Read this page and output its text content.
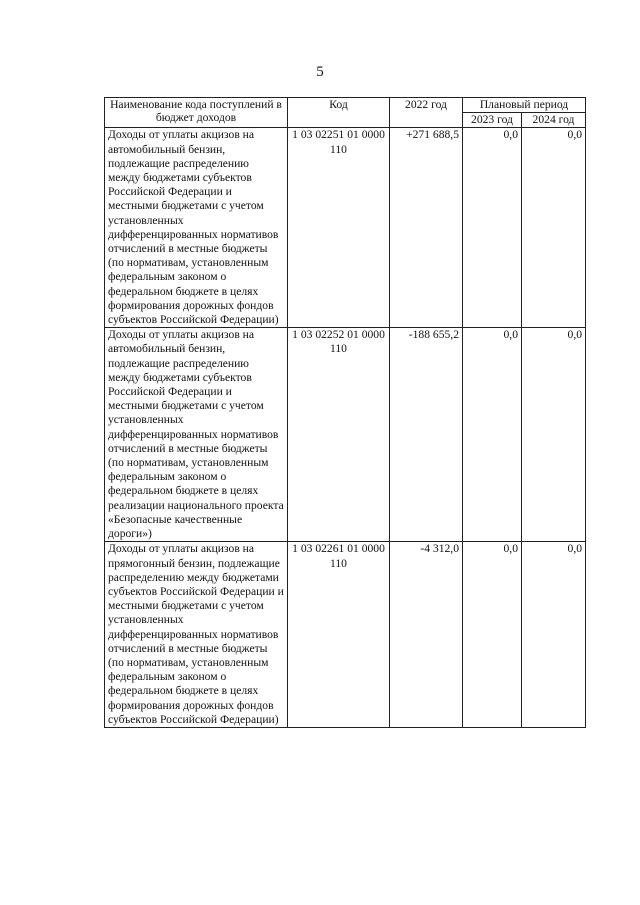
5
Наименование кода поступлений в бюджет доходов	Код	2022 год	Плановый период	
			2023 год	2024 год
Доходы от уплаты акцизов на автомобильный бензин, подлежащие распределению между бюджетами субъектов Российской Федерации и местными бюджетами с учетом установленных дифференцированных нормативов отчислений в местные бюджеты (по нормативам, установленным федеральным законом о федеральном бюджете в целях формирования дорожных фондов субъектов Российской Федерации)	1 03 02251 01 0000 110	+271 688,5	0,0	0,0
Доходы от уплаты акцизов на автомобильный бензин, подлежащие распределению между бюджетами субъектов Российской Федерации и местными бюджетами с учетом установленных дифференцированных нормативов отчислений в местные бюджеты (по нормативам, установленным федеральным законом о федеральном бюджете в целях реализации национального проекта «Безопасные качественные дороги»)	1 03 02252 01 0000 110	-188 655,2	0,0	0,0
Доходы от уплаты акцизов на прямогонный бензин, подлежащие распределению между бюджетами субъектов Российской Федерации и местными бюджетами с учетом установленных дифференцированных нормативов отчислений в местные бюджеты (по нормативам, установленным федеральным законом о федеральном бюджете в целях формирования дорожных фондов субъектов Российской Федерации)	1 03 02261 01 0000 110	-4 312,0	0,0	0,0
